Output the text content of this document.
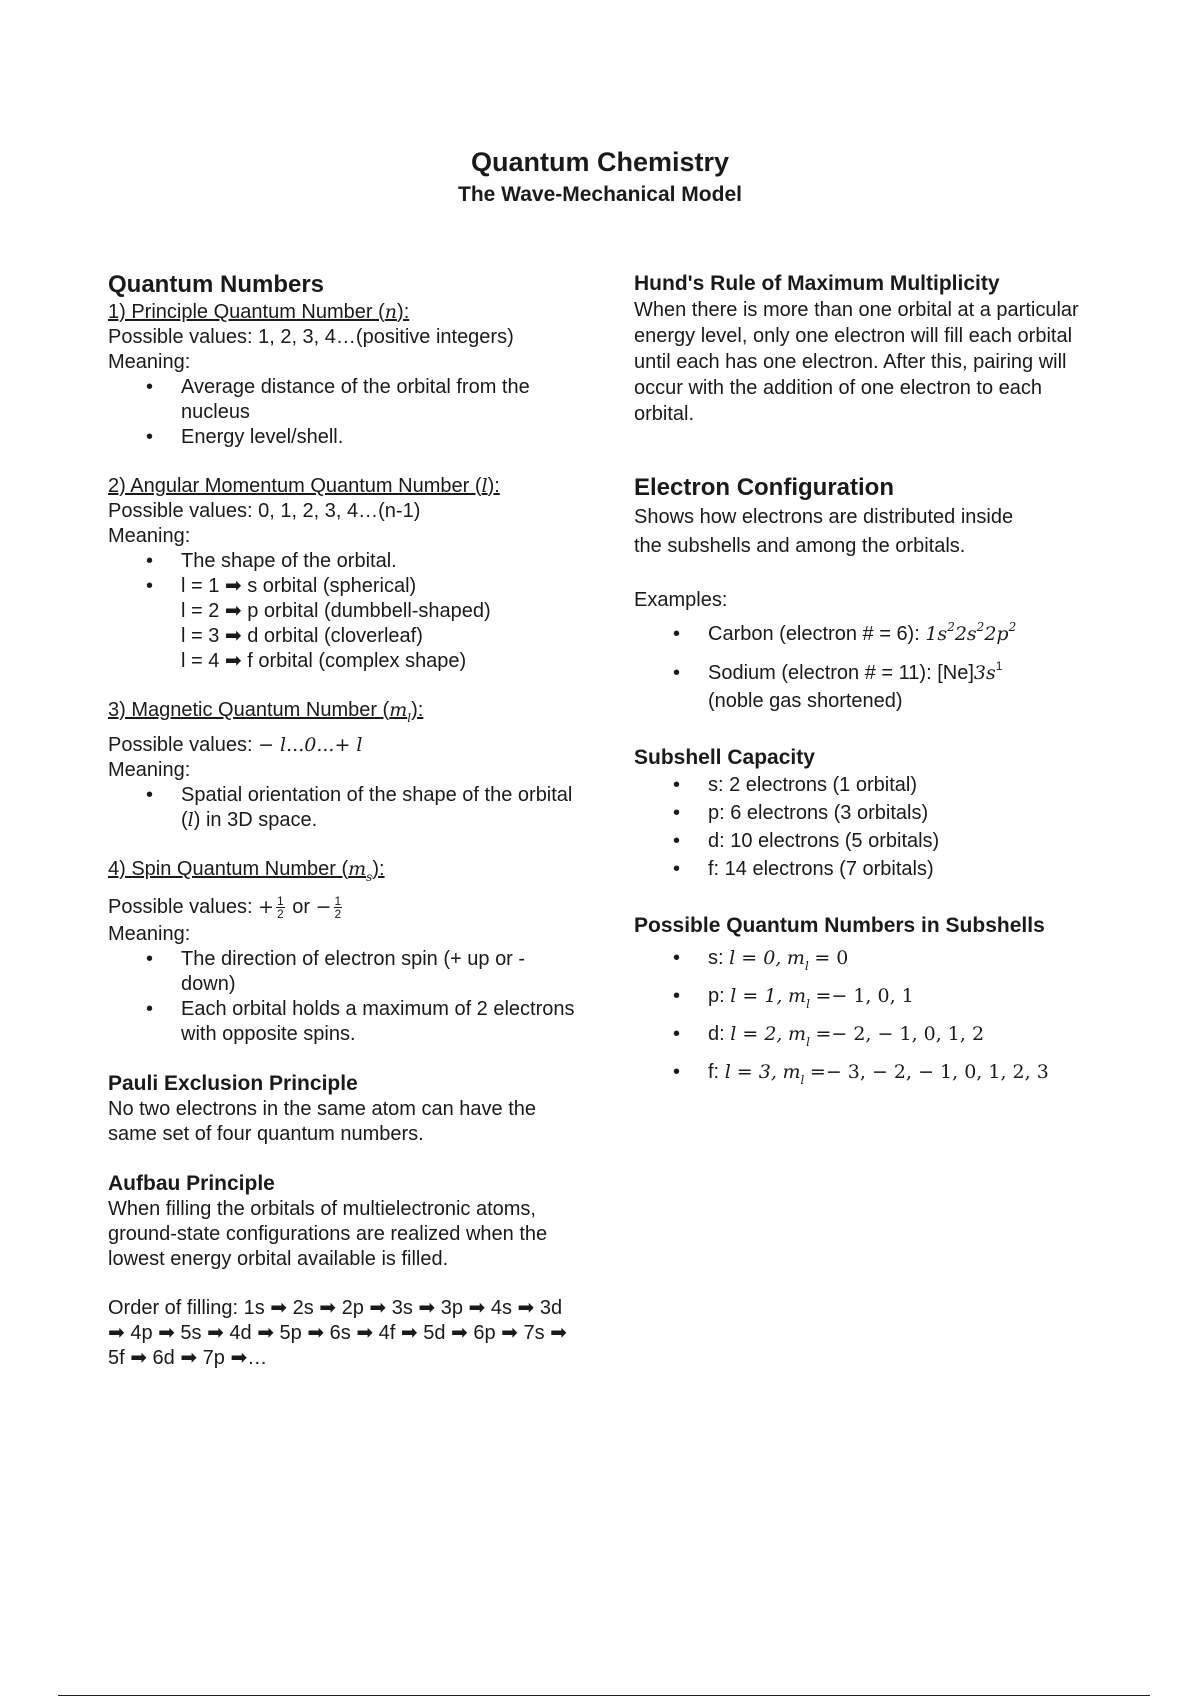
Quantum Chemistry

The Wave-Mechanical Model

Quantum Numbers

1) Principle Quantum Number (n):

Possible values: 1, 2, 3, 4…(positive integers)

Meaning:

• Average distance of the orbital from the nucleus
• Energy level/shell.

2) Angular Momentum Quantum Number (l):

Possible values: 0, 1, 2, 3, 4…(n-1)

Meaning:

• The shape of the orbital.
• l = 1 ➡ s orbital (spherical)
l = 2 ➡ p orbital (dumbbell-shaped)
l = 3 ➡ d orbital (cloverleaf)
l = 4 ➡ f orbital (complex shape)

3) Magnetic Quantum Number $(m_l)$:

Possible values: − l...0...+ l

Meaning:

• Spatial orientation of the shape of the orbital (l) in 3D space.

4) Spin Quantum Number $(m_s)$:

Possible values: + $\frac{1}{2}$ or − $\frac{1}{2}$

Meaning:

• The direction of electron spin (+ up or - down)
• Each orbital holds a maximum of 2 electrons with opposite spins.

Pauli Exclusion Principle

No two electrons in the same atom can have the same set of four quantum numbers.

Aufbau Principle

When filling the orbitals of multielectronic atoms, ground-state configurations are realized when the lowest energy orbital available is filled.

Order of filling: 1s ➡ 2s ➡ 2p ➡ 3s ➡ 3p ➡ 4s ➡ 3d ➡ 4p ➡ 5s ➡ 4d ➡ 5p ➡ 6s ➡ 4f ➡ 5d ➡ 6p ➡ 7s ➡ 5f ➡ 6d ➡ 7p ➡…

Hund's Rule of Maximum Multiplicity

When there is more than one orbital at a particular energy level, only one electron will fill each orbital until each has one electron. After this, pairing will occur with the addition of one electron to each orbital.

Electron Configuration

Shows how electrons are distributed inside

the subshells and among the orbitals.

Examples:

• Carbon (electron # = 6): $1s^22s^22p^2$
• Sodium (electron # = 11): $[Ne]3s^1$
(noble gas shortened)

Subshell Capacity

• s: 2 electrons (1 orbital)
• p: 6 electrons (3 orbitals)
• d: 10 electrons (5 orbitals)
• f: 14 electrons (7 orbitals)

Possible Quantum Numbers in Subshells

• s: l = 0, $m_l = 0$
• p: l = 1, $m_l =- 1$, 0, 1
• d: l = 2, $m_l =- 2$, − 1, 0, 1, 2
• f: l = 3, $m_l =- 3$, − 2, − 1, 0, 1, 2, 3
